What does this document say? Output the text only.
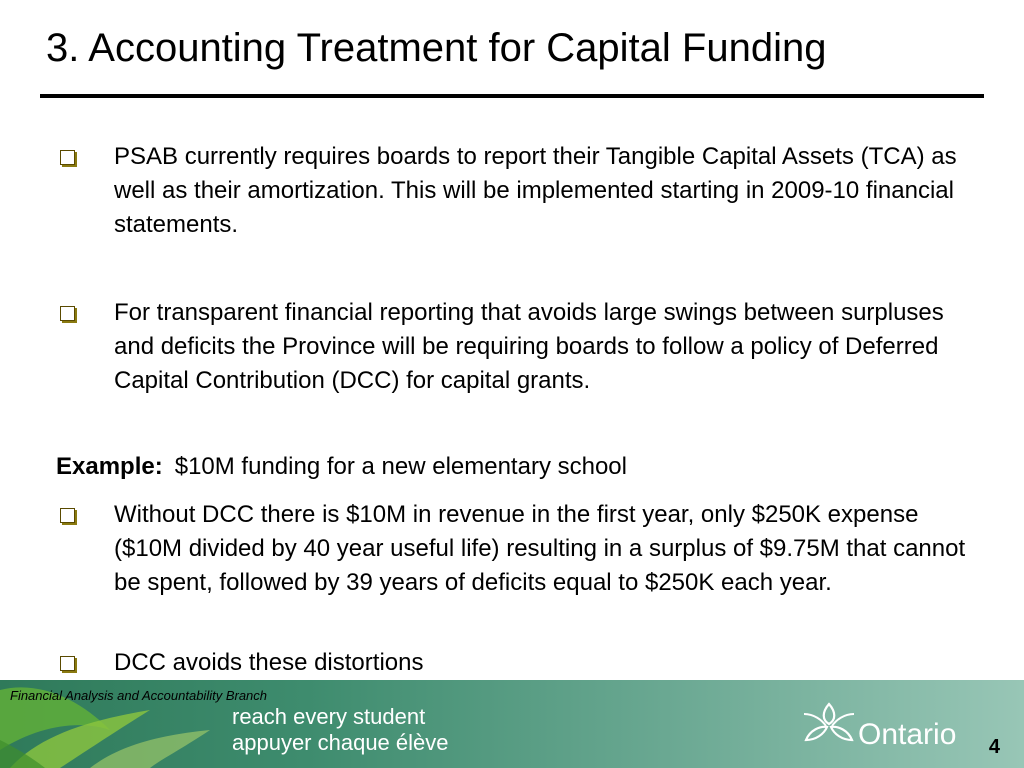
3. Accounting Treatment for Capital Funding
PSAB currently requires boards to report their Tangible Capital Assets (TCA) as well as their amortization. This will be implemented starting in 2009-10 financial statements.
For transparent financial reporting that avoids large swings between surpluses and deficits the Province will be requiring boards to follow a policy of Deferred Capital Contribution (DCC) for capital grants.
Example: $10M funding for a new elementary school
Without DCC there is $10M in revenue in the first year, only $250K expense ($10M divided by 40 year useful life) resulting in a surplus of $9.75M that cannot be spent, followed by 39 years of deficits equal to $250K each year.
DCC avoids these distortions
Financial Analysis and Accountability Branch
reach every student
appuyer chaque élève	Ontario 4
